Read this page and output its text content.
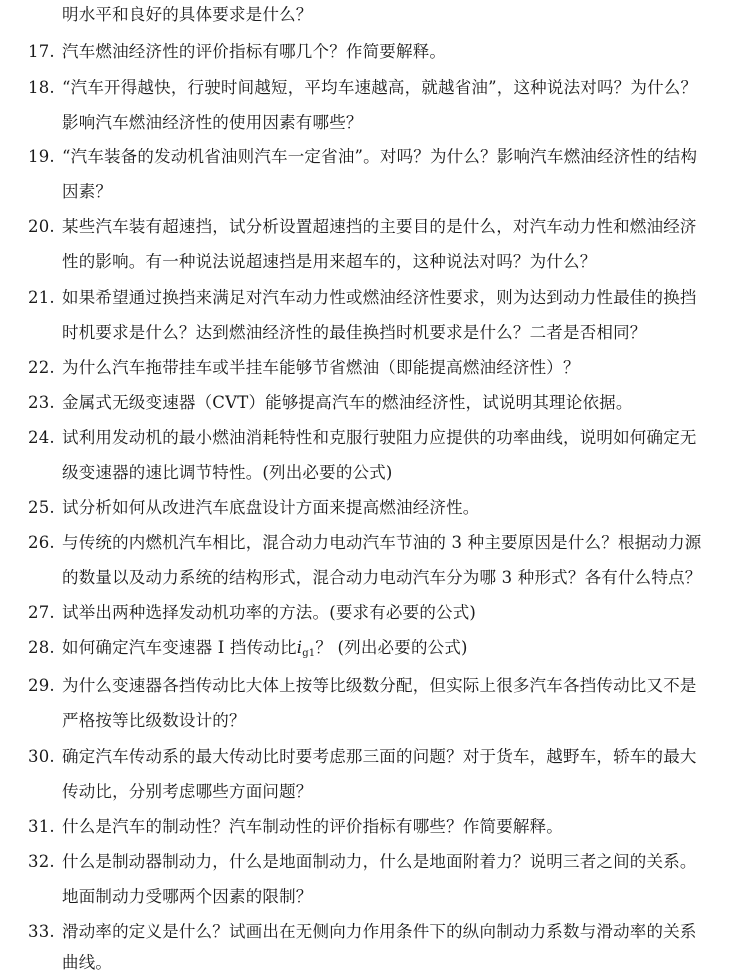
明水平和良好的具体要求是什么？
17. 汽车燃油经济性的评价指标有哪几个？作简要解释。
18. “汽车开得越快，行驶时间越短，平均车速越高，就越省油”，这种说法对吗？为什么？
影响汽车燃油经济性的使用因素有哪些？
19. “汽车装备的发动机省油则汽车一定省油”。对吗？为什么？影响汽车燃油经济性的结构
因素？
20. 某些汽车装有超速挡，试分析设置超速挡的主要目的是什么，对汽车动力性和燃油经济
性的影响。有一种说法说超速挡是用来超车的，这种说法对吗？为什么？
21. 如果希望通过换挡来满足对汽车动力性或燃油经济性要求，则为达到动力性最佳的换挡
时机要求是什么？达到燃油经济性的最佳换挡时机要求是什么？二者是否相同？
22. 为什么汽车拖带挂车或半挂车能够节省燃油（即能提高燃油经济性）？
23. 金属式无级变速器（CVT）能够提高汽车的燃油经济性，试说明其理论依据。
24. 试利用发动机的最小燃油消耗特性和克服行驶阻力应提供的功率曲线，说明如何确定无
级变速器的速比调节特性。(列出必要的公式)
25. 试分析如何从改进汽车底盘设计方面来提高燃油经济性。
26. 与传统的内燃机汽车相比，混合动力电动汽车节油的 3 种主要原因是什么？根据动力源
的数量以及动力系统的结构形式，混合动力电动汽车分为哪 3 种形式？各有什么特点？
27. 试举出两种选择发动机功率的方法。(要求有必要的公式)
28. 如何确定汽车变速器 I 挡传动比$i_{g1}$？ (列出必要的公式)
29. 为什么变速器各挡传动比大体上按等比级数分配，但实际上很多汽车各挡传动比又不是
严格按等比级数设计的？
30. 确定汽车传动系的最大传动比时要考虑那三面的问题？对于货车，越野车，轿车的最大
传动比，分别考虑哪些方面问题？
31. 什么是汽车的制动性？汽车制动性的评价指标有哪些？作简要解释。
32. 什么是制动器制动力，什么是地面制动力，什么是地面附着力？说明三者之间的关系。
地面制动力受哪两个因素的限制？
33. 滑动率的定义是什么？试画出在无侧向力作用条件下的纵向制动力系数与滑动率的关系
曲线。
